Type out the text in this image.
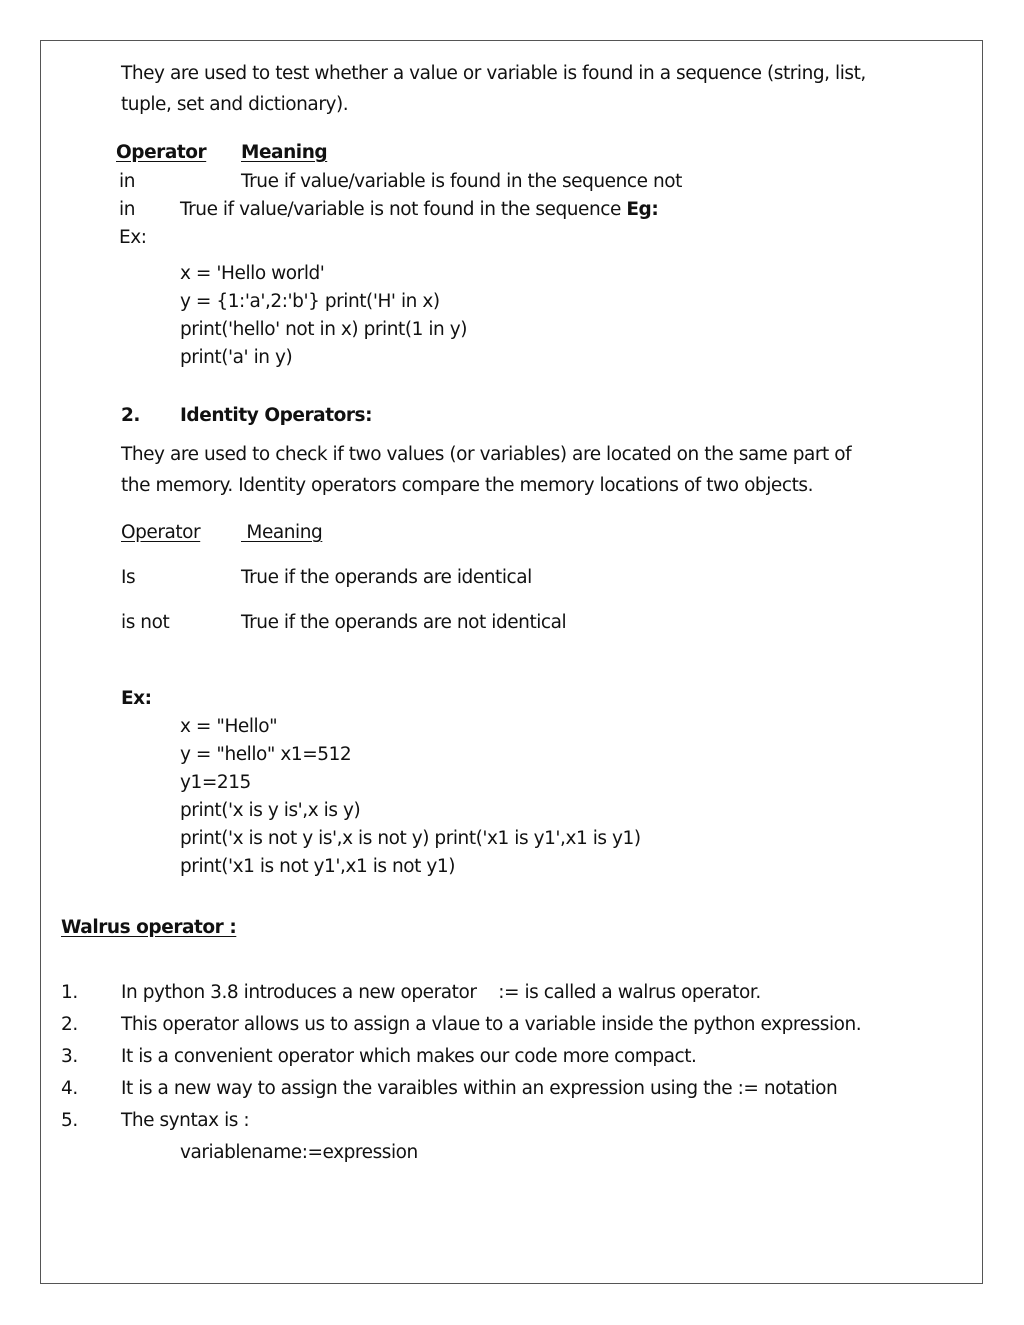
They are used to test whether a value or variable is found in a sequence (string, list,
tuple, set and dictionary).
Operator Meaning
in	True if value/variable is found in the sequence not
in True if value/variable is not found in the sequence Eg:
Ex:
x = 'Hello world'
y = {1:'a',2:'b'} print('H' in x)
print('hello' not in x) print(1 in y)
print('a' in y)
2. Identity Operators:
They are used to check if two values (or variables) are located on the same part of
the memory. Identity operators compare the memory locations of two objects.
Operator Meaning
Is	True if the operands are identical
is not	True if the operands are not identical
Ex:
x = "Hello"
y = "hello" x1=512
y1=215
print('x is y is',x is y)
print('x is not y is',x is not y) print('x1 is y1',x1 is y1)
print('x1 is not y1',x1 is not y1)
Walrus operator :
1. In python 3.8 introduces a new operator    := is called a walrus operator.
2. This operator allows us to assign a vlaue to a variable inside the python expression.
3. It is a convenient operator which makes our code more compact.
4. It is a new way to assign the varaibles within an expression using the := notation
5. The syntax is :
variablename:=expression
